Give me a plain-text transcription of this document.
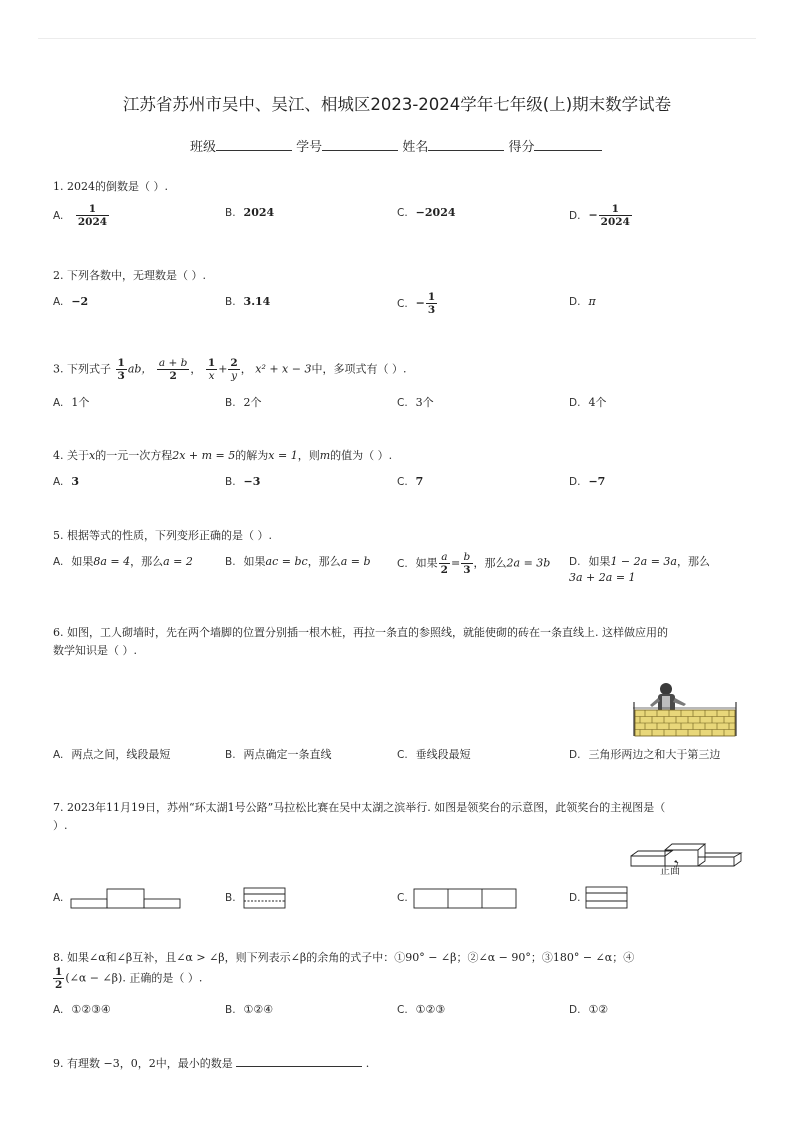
江苏省苏州市吴中、吴江、相城区2023-2024学年七年级(上)期末数学试卷
班级	学号	姓名	得分
1. 2024的倒数是（ ）.
A. $\frac{1}{2024}$	B. 2024	C. −2024	D. − $\frac{1}{2024}$
2. 下列各数中，无理数是（ ）.
A. −2	B. 3.14	C. − $\frac{1}{3}$	D. π
3. 下列式子 $\frac{1}{3}$ ab， $\frac{a + b}{2}$ ， $\frac{1}{x} + \frac{2}{y}$ ， x² + x − 3中，多项式有（ ）.
A. 1个	B. 2个	C. 3个	D. 4个
4. 关于x的一元一次方程2x + m = 5的解为x = 1，则m的值为（ ）.
A. 3	B. −3	C. 7	D. −7
5. 根据等式的性质，下列变形正确的是（ ）.
A. 如果8a = 4，那么a = 2	B. 如果ac = bc，那么a = b	C. 如果 $\frac{a}{2} = \frac{b}{3}$ ，那么2a = 3b D. 如果1 − 2a = 3a，那么
3a + 2a = 1
6. 如图，工人砌墙时，先在两个墙脚的位置分别插一根木桩，再拉一条直的参照线，就能使砌的砖在一条直线上. 这样做应用的
数学知识是（ ）.
A. 两点之间，线段最短	B. 两点确定一条直线	C. 垂线段最短	D. 三角形两边之和大于第三边
7. 2023年11月19日，苏州“环太湖1号公路”马拉松比赛在吴中太湖之滨举行. 如图是领奖台的示意图，此领奖台的主视图是（
）.
正面
A.	B.	C.	D.
8. 如果∠α和∠β互补，且∠α > ∠β，则下列表示∠β的余角的式子中：①90° − ∠β；②∠α − 90°；③180° − ∠α；④
$\frac{1}{2}$ (∠α − ∠β). 正确的是（ ）.
A. ①②③④	B. ①②④	C. ①②③	D. ①②
9. 有理数 −3，0，2中，最小的数是	.
